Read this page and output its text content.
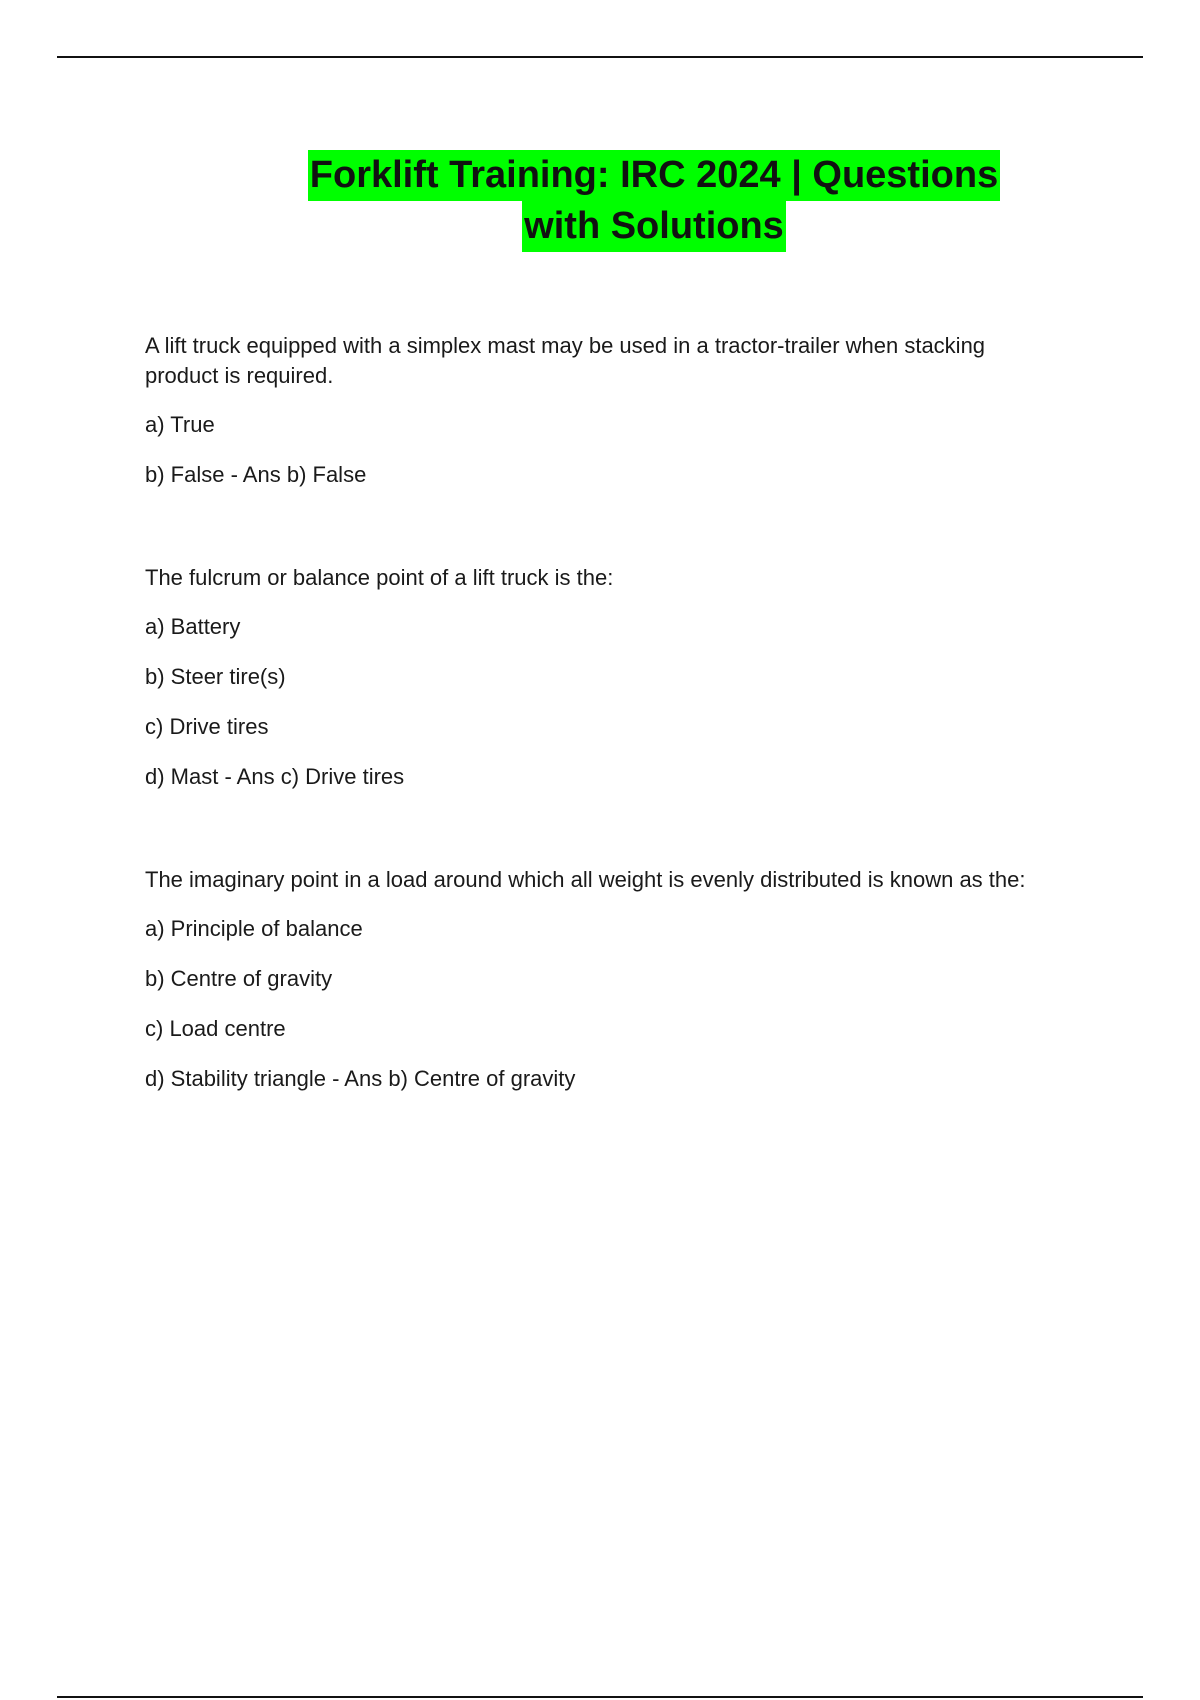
Forklift Training: IRC 2024 | Questions
with Solutions
A lift truck equipped with a simplex mast may be used in a tractor-trailer when stacking product is required.
a) True
b) False - Ans b) False
The fulcrum or balance point of a lift truck is the:
a) Battery
b) Steer tire(s)
c) Drive tires
d) Mast - Ans c) Drive tires
The imaginary point in a load around which all weight is evenly distributed is known as the:
a) Principle of balance
b) Centre of gravity
c) Load centre
d) Stability triangle - Ans b) Centre of gravity
